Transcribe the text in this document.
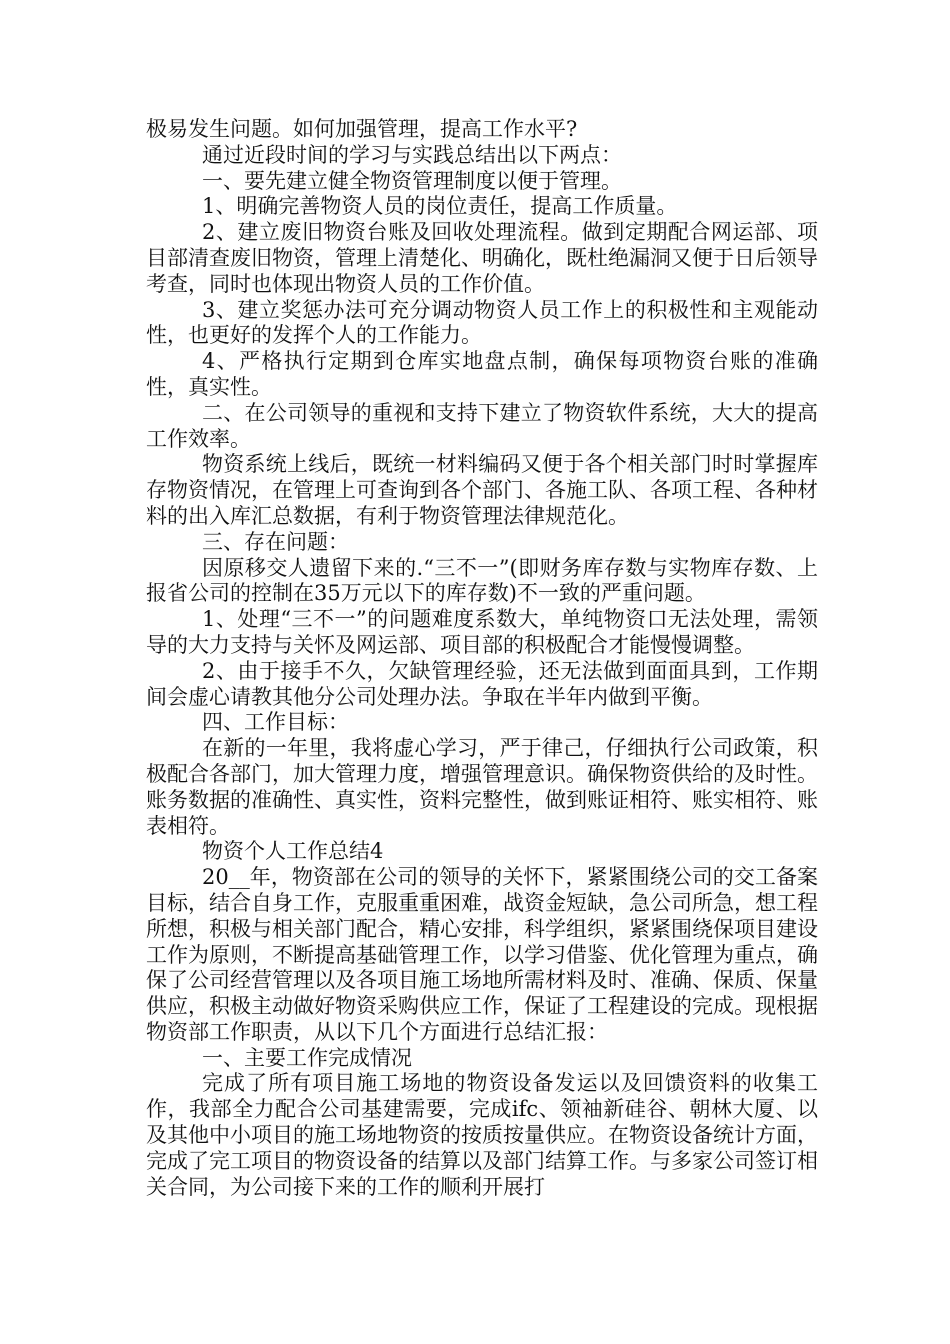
极易发生问题。如何加强管理，提高工作水平?

通过近段时间的学习与实践总结出以下两点：

一、要先建立健全物资管理制度以便于管理。

1、明确完善物资人员的岗位责任，提高工作质量。

2、建立废旧物资台账及回收处理流程。做到定期配合网运部、项目部清查废旧物资，管理上清楚化、明确化，既杜绝漏洞又便于日后领导考查，同时也体现出物资人员的工作价值。

3、建立奖惩办法可充分调动物资人员工作上的积极性和主观能动性，也更好的发挥个人的工作能力。

4、严格执行定期到仓库实地盘点制，确保每项物资台账的准确性，真实性。

二、在公司领导的重视和支持下建立了物资软件系统，大大的提高工作效率。

物资系统上线后，既统一材料编码又便于各个相关部门时时掌握库存物资情况，在管理上可查询到各个部门、各施工队、各项工程、各种材料的出入库汇总数据，有利于物资管理法律规范化。

三、存在问题：

因原移交人遗留下来的.“三不一”(即财务库存数与实物库存数、上报省公司的控制在35万元以下的库存数)不一致的严重问题。

1、处理“三不一”的问题难度系数大，单纯物资口无法处理，需领导的大力支持与关怀及网运部、项目部的积极配合才能慢慢调整。

2、由于接手不久，欠缺管理经验，还无法做到面面具到，工作期间会虚心请教其他分公司处理办法。争取在半年内做到平衡。

四、工作目标：

在新的一年里，我将虚心学习，严于律己，仔细执行公司政策，积极配合各部门，加大管理力度，增强管理意识。确保物资供给的及时性。账务数据的准确性、真实性，资料完整性，做到账证相符、账实相符、账表相符。

物资个人工作总结4

20__年，物资部在公司的领导的关怀下，紧紧围绕公司的交工备案目标，结合自身工作，克服重重困难，战资金短缺，急公司所急，想工程所想，积极与相关部门配合，精心安排，科学组织，紧紧围绕保项目建设工作为原则，不断提高基础管理工作，以学习借鉴、优化管理为重点，确保了公司经营管理以及各项目施工场地所需材料及时、准确、保质、保量供应，积极主动做好物资采购供应工作，保证了工程建设的完成。现根据物资部工作职责，从以下几个方面进行总结汇报：

一、主要工作完成情况

完成了所有项目施工场地的物资设备发运以及回馈资料的收集工作，我部全力配合公司基建需要，完成ifc、领袖新硅谷、朝林大厦、以及其他中小项目的施工场地物资的按质按量供应。在物资设备统计方面，完成了完工项目的物资设备的结算以及部门结算工作。与多家公司签订相关合同，为公司接下来的工作的顺利开展打
